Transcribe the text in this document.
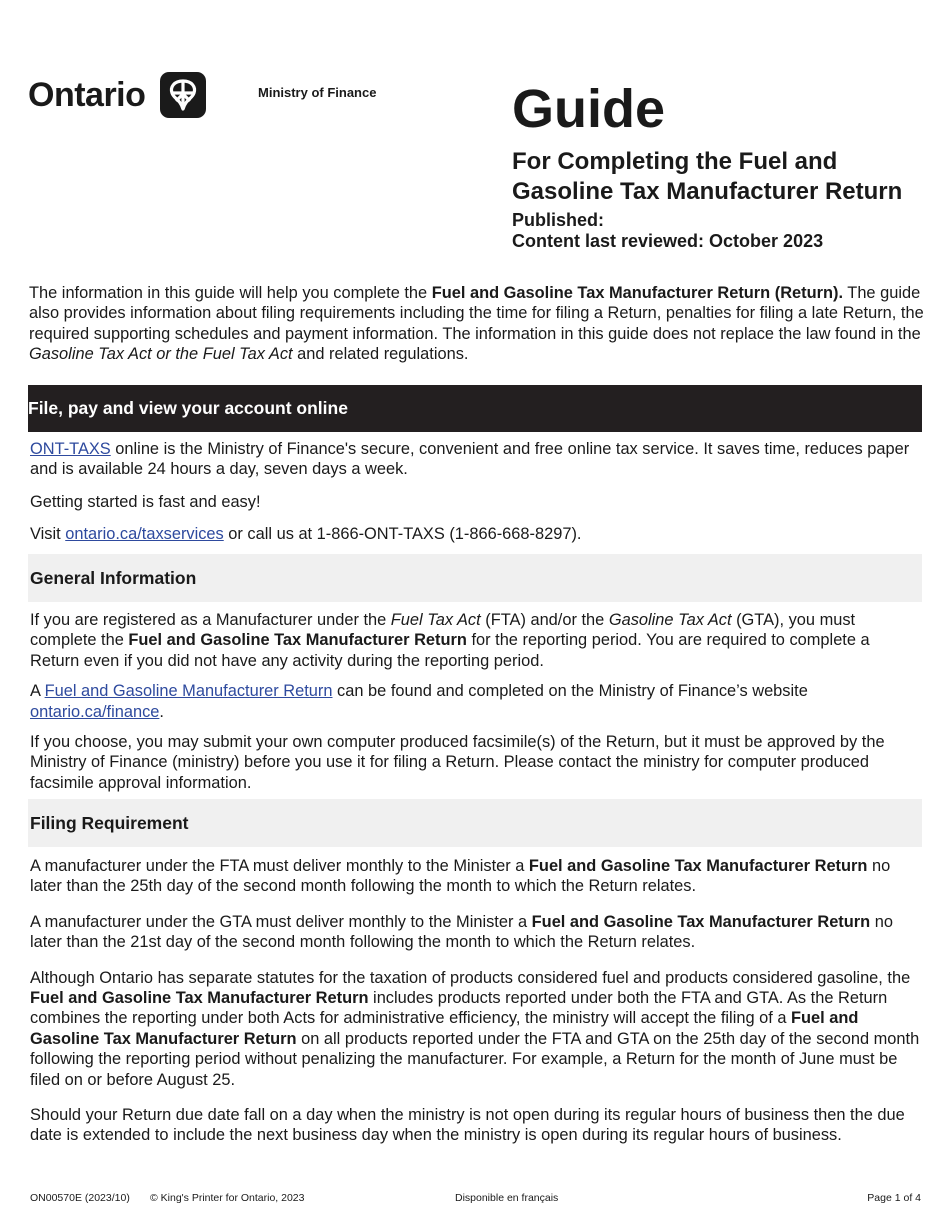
Ontario	Ministry of Finance	Guide
For Completing the Fuel and Gasoline Tax Manufacturer Return
Published:
Content last reviewed: October 2023
The information in this guide will help you complete the Fuel and Gasoline Tax Manufacturer Return (Return). The guide also provides information about filing requirements including the time for filing a Return, penalties for filing a late Return, the required supporting schedules and payment information. The information in this guide does not replace the law found in the Gasoline Tax Act or the Fuel Tax Act and related regulations.
File, pay and view your account online

ONT-TAXS online is the Ministry of Finance's secure, convenient and free online tax service. It saves time, reduces paper and is available 24 hours a day, seven days a week.

Getting started is fast and easy!

Visit ontario.ca/taxservices or call us at 1-866-ONT-TAXS (1-866-668-8297).

General Information

If you are registered as a Manufacturer under the Fuel Tax Act (FTA) and/or the Gasoline Tax Act (GTA), you must complete the Fuel and Gasoline Tax Manufacturer Return for the reporting period. You are required to complete a Return even if you did not have any activity during the reporting period.

A Fuel and Gasoline Manufacturer Return can be found and completed on the Ministry of Finance’s website ontario.ca/finance.

If you choose, you may submit your own computer produced facsimile(s) of the Return, but it must be approved by the Ministry of Finance (ministry) before you use it for filing a Return. Please contact the ministry for computer produced facsimile approval information.

Filing Requirement

A manufacturer under the FTA must deliver monthly to the Minister a Fuel and Gasoline Tax Manufacturer Return no later than the 25th day of the second month following the month to which the Return relates.

A manufacturer under the GTA must deliver monthly to the Minister a Fuel and Gasoline Tax Manufacturer Return no later than the 21st day of the second month following the month to which the Return relates.

Although Ontario has separate statutes for the taxation of products considered fuel and products considered gasoline, the Fuel and Gasoline Tax Manufacturer Return includes products reported under both the FTA and GTA. As the Return combines the reporting under both Acts for administrative efficiency, the ministry will accept the filing of a Fuel and Gasoline Tax Manufacturer Return on all products reported under the FTA and GTA on the 25th day of the second month following the reporting period without penalizing the manufacturer. For example, a Return for the month of June must be filed on or before August 25.

Should your Return due date fall on a day when the ministry is not open during its regular hours of business then the due date is extended to include the next business day when the ministry is open during its regular hours of business.

ON00570E (2023/10) © King's Printer for Ontario, 2023	Disponible en français	Page 1 of 4
